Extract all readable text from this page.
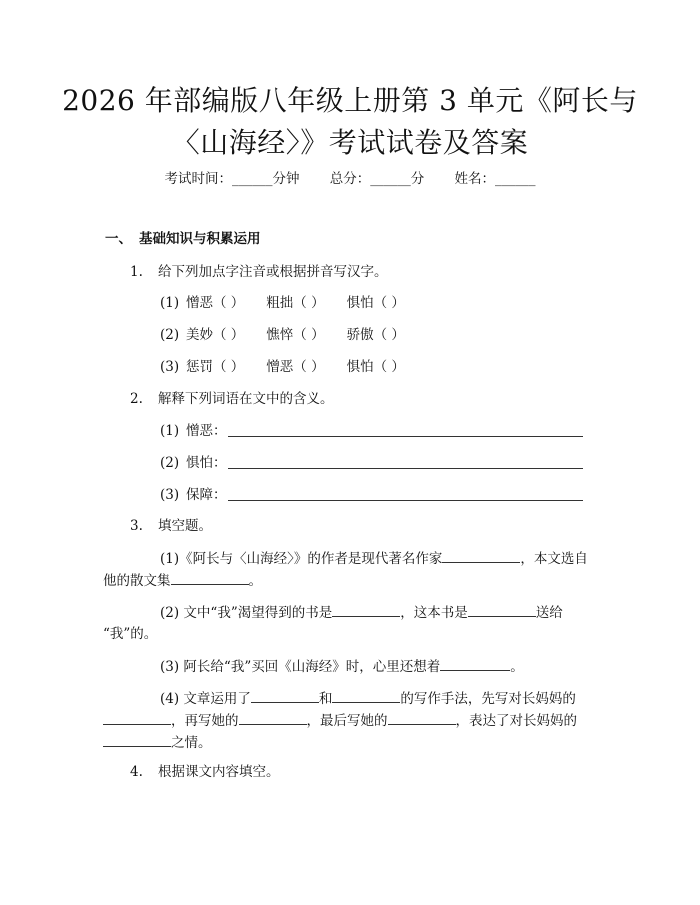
2026 年部编版八年级上册第 3 单元《阿长与
〈山海经〉》考试试卷及答案
考试时间：______分钟 总分：______分 姓名：______
一、 基础知识与积累运用
1. 给下列加点字注音或根据拼音写汉字。
(1) 憎恶（ ） 粗拙（ ） 惧怕（ ）
(2) 美妙（ ） 憔悴（ ） 骄傲（ ）
(3) 惩罚（ ） 憎恶（ ） 惧怕（ ）
2. 解释下列词语在文中的含义。
(1) 憎恶：
(2) 惧怕：
(3) 保障：
3. 填空题。
(1)《阿长与〈山海经〉》的作者是现代著名作家	，本文选自
他的散文集	。
(2) 文中“我”渴望得到的书是	，这本书是	送给
“我”的。
(3) 阿长给“我”买回《山海经》时，心里还想着	。
(4) 文章运用了	和	的写作手法，先写对长妈妈的
，再写她的	，最后写她的	，表达了对长妈妈的
之情。
4. 根据课文内容填空。
